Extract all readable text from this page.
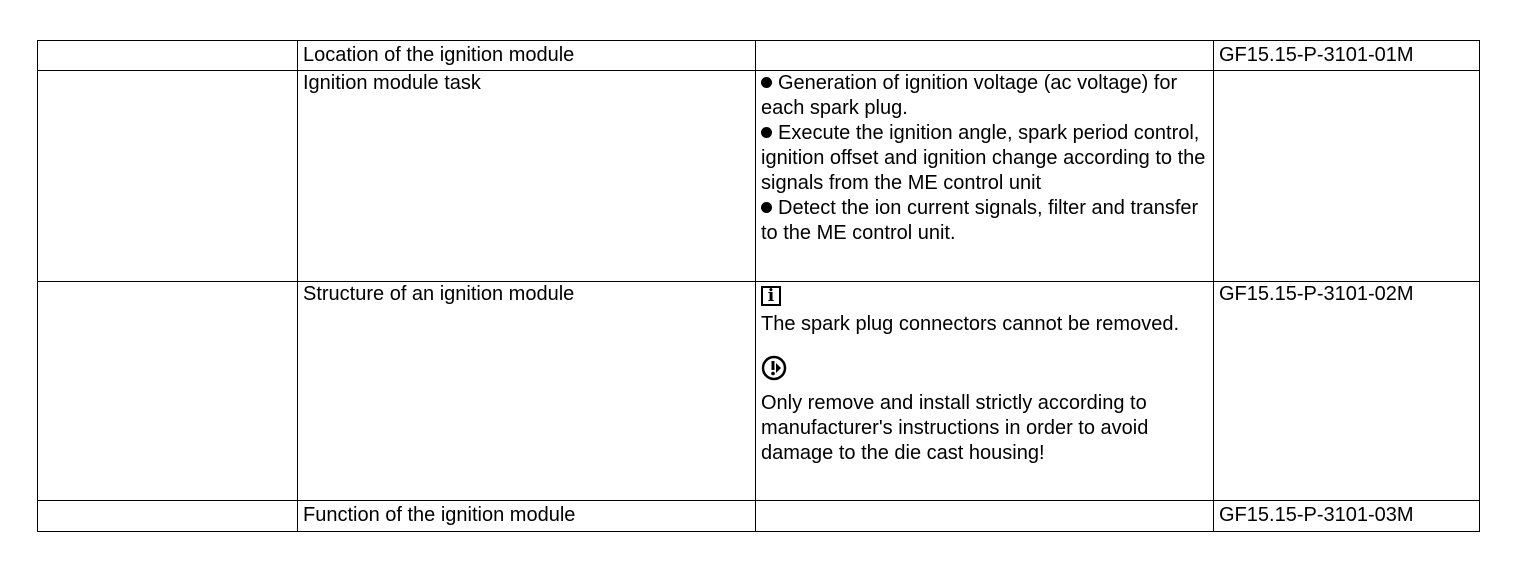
	Location of the ignition module		GF15.15-P-3101-01M
	Ignition module task	Generation of ignition voltage (ac voltage) for each spark plug.
Execute the ignition angle, spark period control, ignition offset and ignition change according to the signals from the ME control unit
Detect the ion current signals, filter and transfer to the ME control unit.	

	Structure of an ignition module	i
The spark plug connectors cannot be removed.
Only remove and install strictly according to manufacturer's instructions in order to avoid damage to the die cast housing!	GF15.15-P-3101-02M
	Function of the ignition module		GF15.15-P-3101-03M
